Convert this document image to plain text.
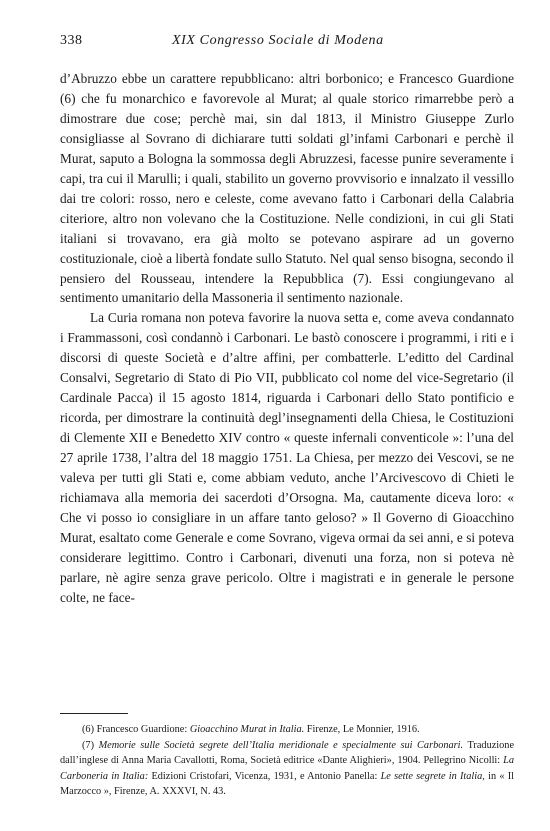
338	XIX Congresso Sociale di Modena

d’Abruzzo ebbe un carattere repubblicano: altri borbonico; e Francesco Guardione (6) che fu monarchico e favorevole al Murat; al quale storico rimarrebbe però a dimostrare due cose; perchè mai, sin dal 1813, il Ministro Giuseppe Zurlo consigliasse al Sovrano di dichiarare tutti soldati gl’infami Carbonari e perchè il Murat, saputo a Bologna la sommossa degli Abruzzesi, facesse punire severamente i capi, tra cui il Marulli; i quali, stabilito un governo provvisorio e innalzato il vessillo dai tre colori: rosso, nero e celeste, come avevano fatto i Carbonari della Calabria citeriore, altro non volevano che la Costituzione. Nelle condizioni, in cui gli Stati italiani si trovavano, era già molto se potevano aspirare ad un governo costituzionale, cioè a libertà fondate sullo Statuto. Nel qual senso bisogna, secondo il pensiero del Rousseau, intendere la Repubblica (7). Essi congiungevano al sentimento umanitario della Massoneria il sentimento nazionale.

La Curia romana non poteva favorire la nuova setta e, come aveva condannato i Frammassoni, così condannò i Carbonari. Le bastò conoscere i programmi, i riti e i discorsi di queste Società e d’altre affini, per combatterle. L’editto del Cardinal Consalvi, Segretario di Stato di Pio VII, pubblicato col nome del vice-Segretario (il Cardinale Pacca) il 15 agosto 1814, riguarda i Carbonari dello Stato pontificio e ricorda, per dimostrare la continuità degl’insegnamenti della Chiesa, le Costituzioni di Clemente XII e Benedetto XIV contro « queste infernali conventicole »: l’una del 27 aprile 1738, l’altra del 18 maggio 1751. La Chiesa, per mezzo dei Vescovi, se ne valeva per tutti gli Stati e, come abbiam veduto, anche l’Arcivescovo di Chieti le richiamava alla memoria dei sacerdoti d’Orsogna. Ma, cautamente diceva loro: « Che vi posso io consigliare in un affare tanto geloso? » Il Governo di Gioacchino Murat, esaltato come Generale e come Sovrano, vigeva ormai da sei anni, e si poteva considerare legittimo. Contro i Carbonari, divenuti una forza, non si poteva nè parlare, nè agire senza grave pericolo. Oltre i magistrati e in generale le persone colte, ne face-

(6) Francesco Guardione: Gioacchino Murat in Italia. Firenze, Le Monnier, 1916.

(7) Memorie sulle Società segrete dell’Italia meridionale e specialmente sui Carbonari. Traduzione dall’inglese di Anna Maria Cavallotti, Roma, Società editrice «Dante Alighieri», 1904. Pellegrino Nicolli: La Carboneria in Italia: Edizioni Cristofari, Vicenza, 1931, e Antonio Panella: Le sette segrete in Italia, in « Il Marzocco », Firenze, A. XXXVI, N. 43.
